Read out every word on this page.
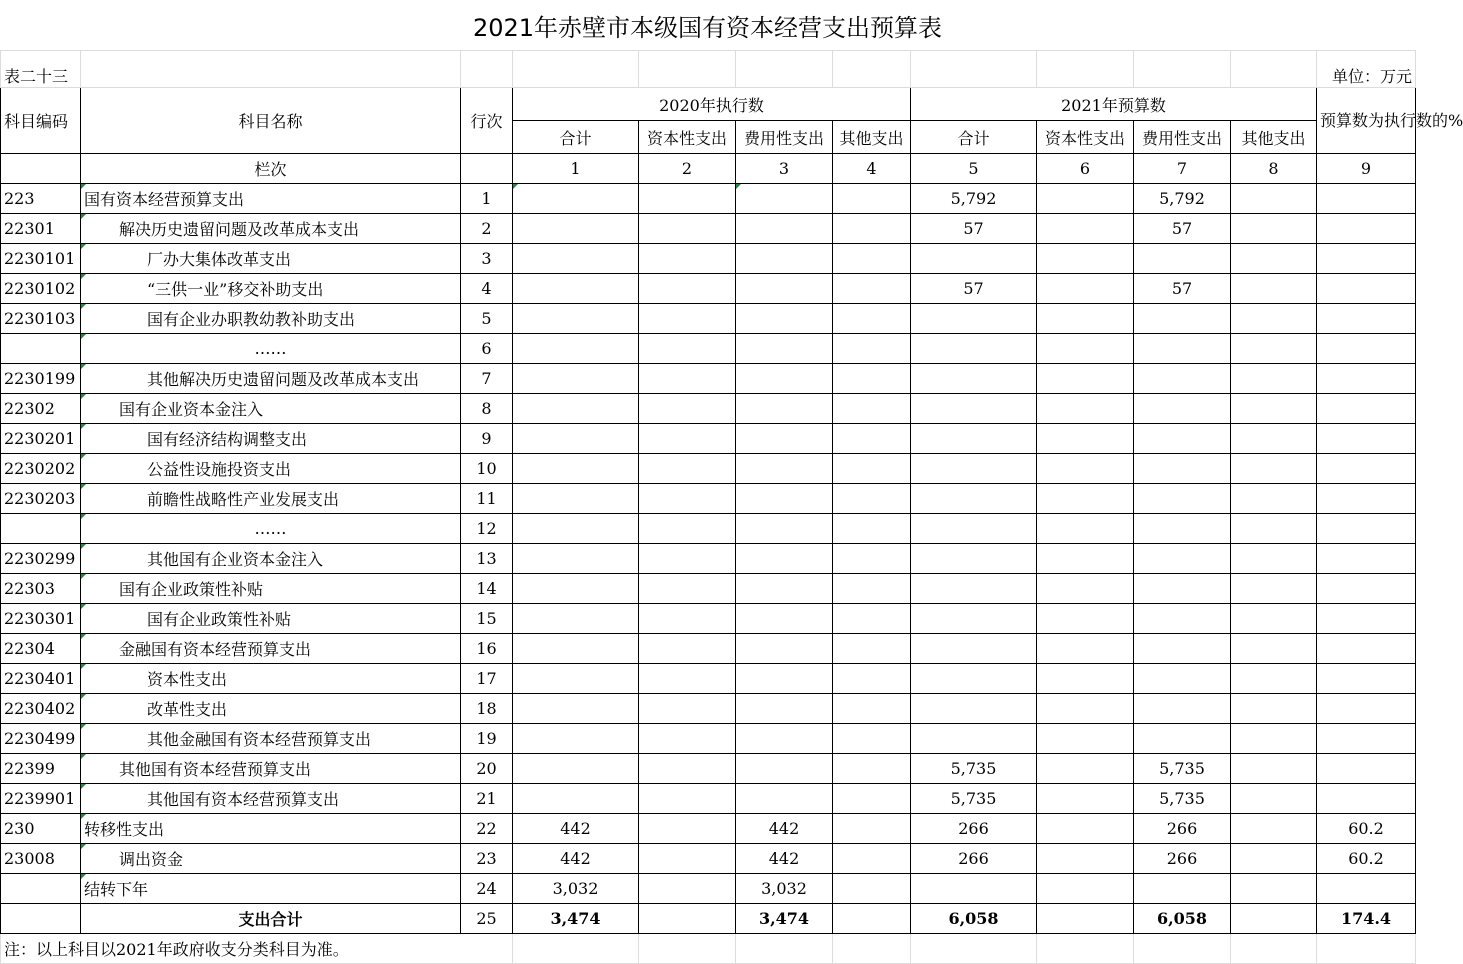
2021年赤壁市本级国有资本经营支出预算表
表二十三											单位：万元
科目编码	科目名称	行次	2020年执行数				2021年预算数				预算数为执行数的%
			合计	资本性支出	费用性支出	其他支出	合计	资本性支出	费用性支出	其他支出	
	栏次		1	2	3	4	5	6	7	8	9
223	国有资本经营预算支出	1					5,792		5,792		
22301	解决历史遗留问题及改革成本支出	2					57		57		
2230101	厂办大集体改革支出	3									
2230102	“三供一业”移交补助支出	4					57		57		
2230103	国有企业办职教幼教补助支出	5									
	……	6									
2230199	其他解决历史遗留问题及改革成本支出	7									
22302	国有企业资本金注入	8									
2230201	国有经济结构调整支出	9									
2230202	公益性设施投资支出	10									
2230203	前瞻性战略性产业发展支出	11									
	……	12									
2230299	其他国有企业资本金注入	13									
22303	国有企业政策性补贴	14									
2230301	国有企业政策性补贴	15									
22304	金融国有资本经营预算支出	16									
2230401	资本性支出	17									
2230402	改革性支出	18									
2230499	其他金融国有资本经营预算支出	19									
22399	其他国有资本经营预算支出	20					5,735		5,735		
2239901	其他国有资本经营预算支出	21					5,735		5,735		
230	转移性支出	22	442		442		266		266		60.2
23008	调出资金	23	442		442		266		266		60.2
	结转下年	24	3,032		3,032						
	支出合计	25	3,474		3,474		6,058		6,058		174.4
注：以上科目以2021年政府收支分类科目为准。											
